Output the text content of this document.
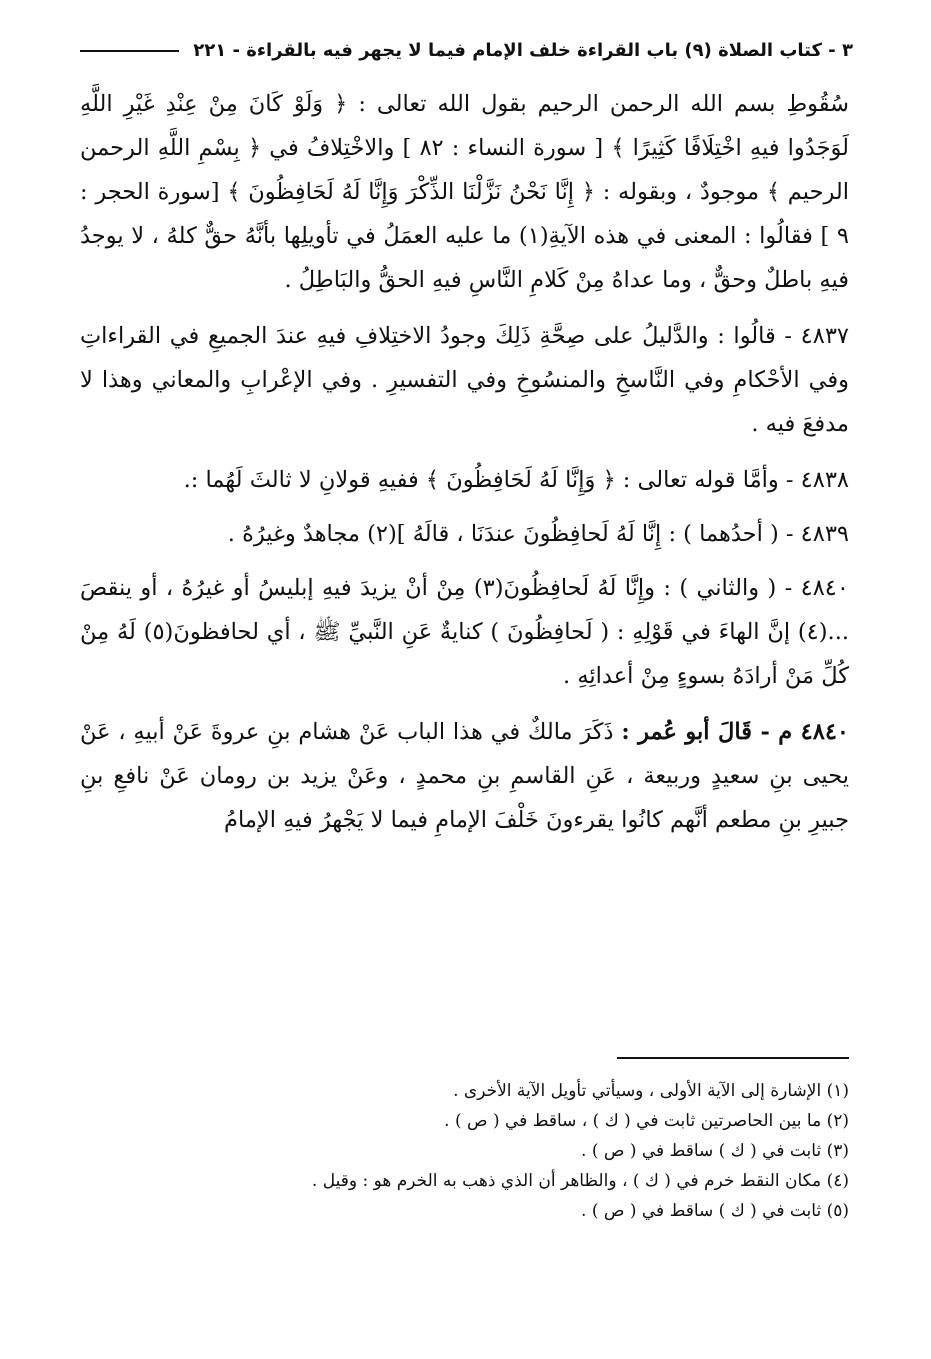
٣ - كتاب الصلاة (٩) باب القراءة خلف الإمام فيما لا يجهر فيه بالقراءة - ٢٢١

سُقُوطِ بسم الله الرحمن الرحيم بقول الله تعالى : ﴿ وَلَوْ كَانَ مِنْ عِنْدِ غَيْرِ اللَّهِ لَوَجَدُوا فيهِ اخْتِلَافًا كَثِيرًا ﴾ [ سورة النساء : ٨٢ ] والاخْتِلافُ في ﴿ بِسْمِ اللَّهِ الرحمن الرحيم ﴾ موجودٌ ، وبقوله : ﴿ إِنَّا نَحْنُ نَزَّلْنَا الذِّكْرَ وَإِنَّا لَهُ لَحَافِظُونَ ﴾ [سورة الحجر : ٩ ] فقالُوا : المعنى في هذه الآيةِ(١) ما عليه العمَلُ في تأويلِها بأنَّهُ حقٌّ كلهُ ، لا يوجدُ فيهِ باطلٌ وحقٌّ ، وما عداهُ مِنْ كَلامِ النَّاسِ فيهِ الحقُّ والبَاطِلُ .

٤٨٣٧ - قالُوا : والدَّليلُ على صِحَّةِ ذَلِكَ وجودُ الاختِلافِ فيهِ عندَ الجميعِ في القراءاتِ وفي الأحْكامِ وفي النَّاسخِ والمنسُوخِ وفي التفسيرِ . وفي الإعْرابِ والمعاني وهذا لا مدفعَ فيه .

٤٨٣٨ - وأمَّا قوله تعالى : ﴿ وَإِنَّا لَهُ لَحَافِظُونَ ﴾ ففيهِ قولانِ لا ثالثَ لَهُما :.

٤٨٣٩ - ( أحدُهما ) : إِنَّا لَهُ لَحافِظُونَ عندَنَا ، قالَهُ ](٢) مجاهدٌ وغيرُهُ .

٤٨٤٠ - ( والثاني ) : وإِنَّا لَهُ لَحافِظُونَ(٣) مِنْ أنْ يزيدَ فيهِ إبليسُ أو غيرُهُ ، أو ينقصَ ...(٤) إنَّ الهاءَ في قَوْلِهِ : ( لَحافِظُونَ ) كنايةٌ عَنِ النَّبيِّ ﷺ ، أي لحافظونَ(٥) لَهُ مِنْ كُلِّ مَنْ أرادَهُ بسوءٍ مِنْ أعدائِهِ .

٤٨٤٠ م - قَالَ أبو عُمر : ذَكَرَ مالكٌ في هذا الباب عَنْ هشام بنِ عروةَ عَنْ أبيهِ ، عَنْ يحيى بنِ سعيدٍ وربيعة ، عَنِ القاسمِ بنِ محمدٍ ، وعَنْ يزيد بن رومان عَنْ نافعِ بنِ جبيرِ بنِ مطعم أنَّهم كانُوا يقرءونَ خَلْفَ الإمامِ فيما لا يَجْهرُ فيهِ الإمامُ

(١) الإشارة إلى الآية الأولى ، وسيأتي تأويل الآية الأخرى .
(٢) ما بين الحاصرتين ثابت في ( ك ) ، ساقط في ( ص ) .
(٣) ثابت في ( ك ) ساقط في ( ص ) .
(٤) مكان النقط خرم في ( ك ) ، والظاهر أن الذي ذهب به الخرم هو : وقيل .
(٥) ثابت في ( ك ) ساقط في ( ص ) .
